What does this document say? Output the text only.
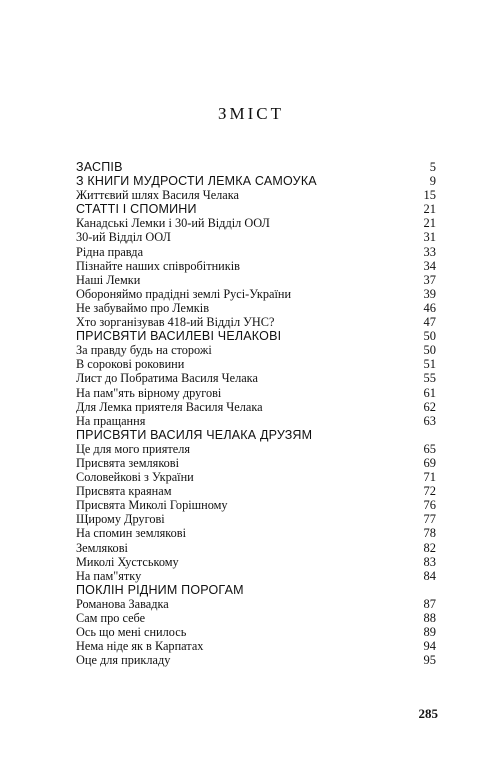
ЗМІСТ
ЗАСПІВ	5
З КНИГИ МУДРОСТИ ЛЕМКА САМОУКА	9
Життєвий шлях Василя Челака	15
СТАТТІ І СПОМИНИ	21
Канадські Лемки і 30-ий Відділ ООЛ	21
30-ий Відділ ООЛ	31
Рідна правда	33
Пізнайте наших співробітників	34
Наші Лемки	37
Обороняймо прадідні землі Русі-України	39
Не забуваймо про Лемків	46
Хто зорганізував 418-ий Відділ УНС?	47
ПРИСВЯТИ ВАСИЛЕВІ ЧЕЛАКОВІ	50
За правду будь на сторожі	50
В сорокові роковини	51
Лист до Побратима Василя Челака	55
На пам"ять вірному другові	61
Для Лемка приятеля Василя Челака	62
На пращання	63
ПРИСВЯТИ ВАСИЛЯ ЧЕЛАКА ДРУЗЯМ
Це для мого приятеля	65
Присвята землякові	69
Соловейкові з України	71
Присвята краянам	72
Присвята Миколі Горішному	76
Щирому Другові	77
На спомин землякові	78
Землякові	82
Миколі Хустському	83
На пам"ятку	84
ПОКЛІН РІДНИМ ПОРОГАМ
Романова Завадка	87
Сам про себе	88
Ось що мені снилось	89
Нема ніде як в Карпатах	94
Оце для прикладу	95
285
